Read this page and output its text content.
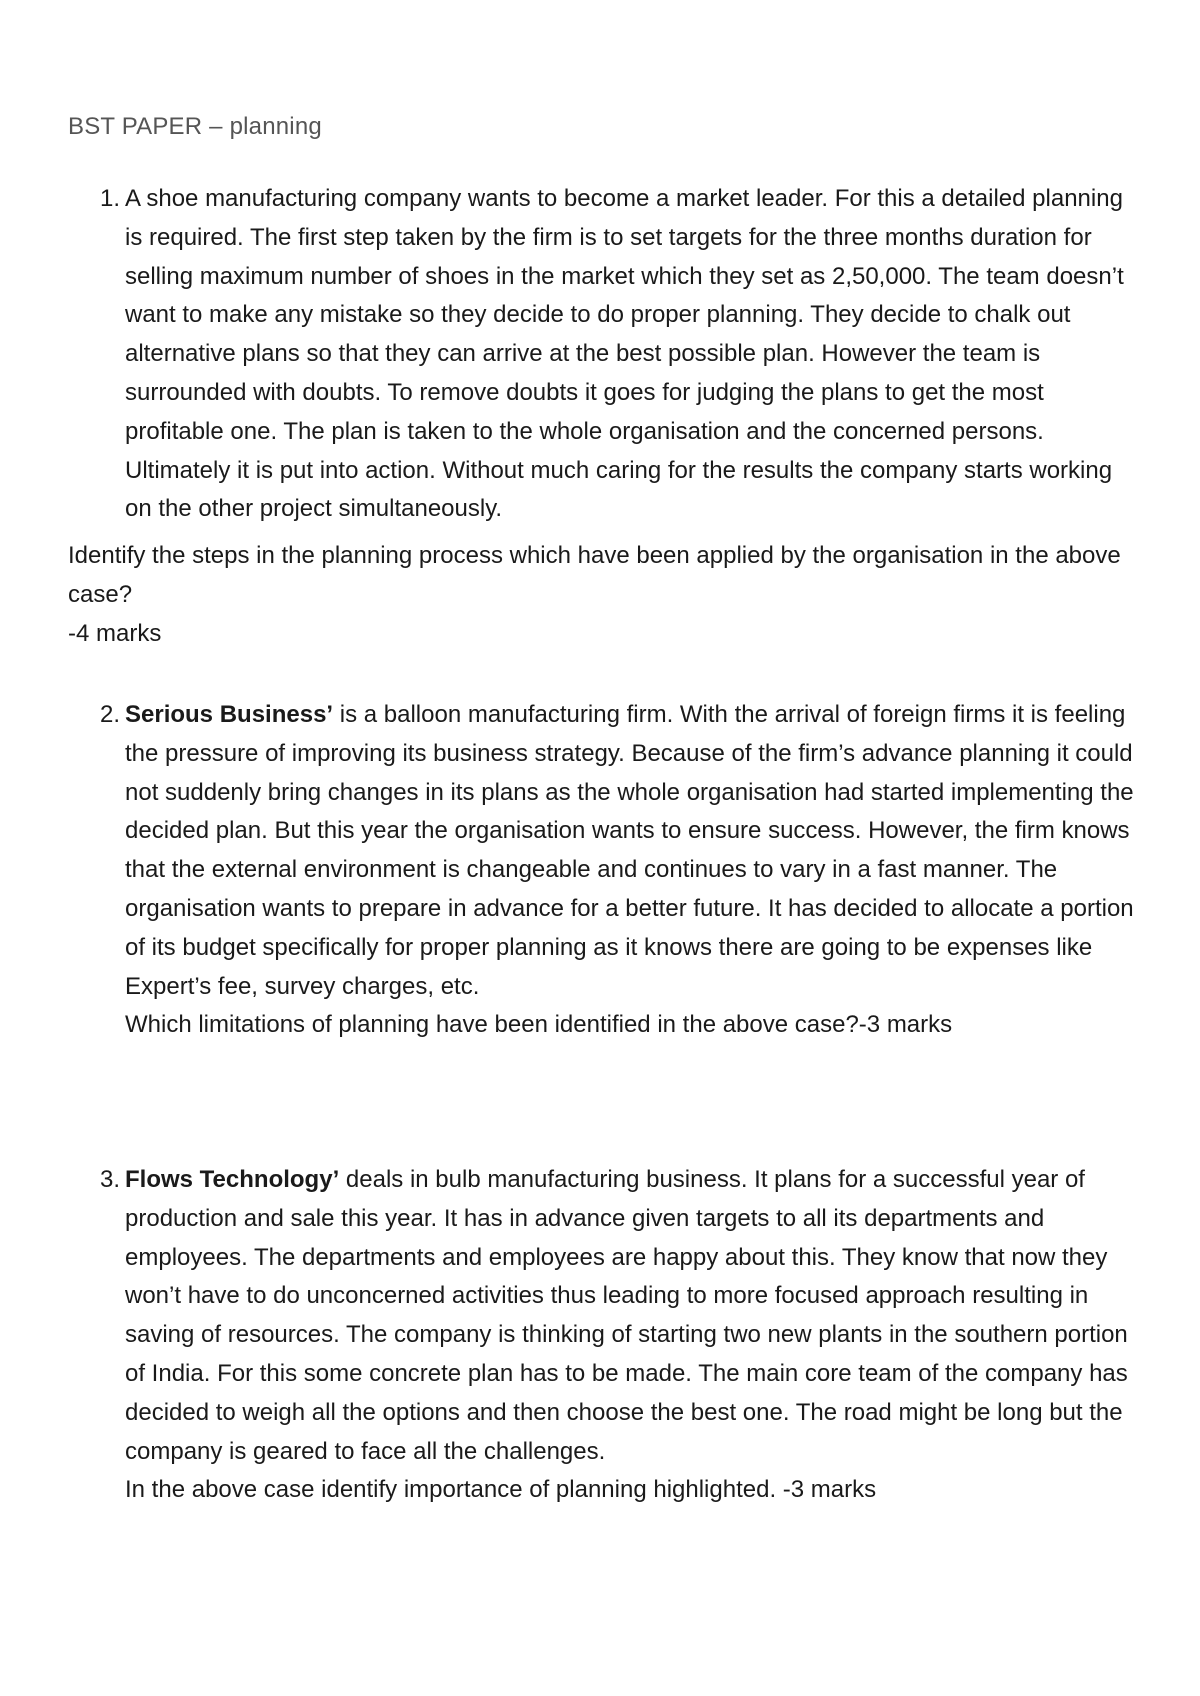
BST PAPER – planning
1. A shoe manufacturing company wants to become a market leader. For this a detailed planning is required. The first step taken by the firm is to set targets for the three months duration for selling maximum number of shoes in the market which they set as 2,50,000. The team doesn’t want to make any mistake so they decide to do proper planning. They decide to chalk out alternative plans so that they can arrive at the best possible plan. However the team is surrounded with doubts. To remove doubts it goes for judging the plans to get the most profitable one. The plan is taken to the whole organisation and the concerned persons. Ultimately it is put into action. Without much caring for the results the company starts working on the other project simultaneously.
Identify the steps in the planning process which have been applied by the organisation in the above case?
-4 marks
2. Serious Business’ is a balloon manufacturing firm. With the arrival of foreign firms it is feeling the pressure of improving its business strategy. Because of the firm’s advance planning it could not suddenly bring changes in its plans as the whole organisation had started implementing the decided plan. But this year the organisation wants to ensure success. However, the firm knows that the external environment is changeable and continues to vary in a fast manner. The organisation wants to prepare in advance for a better future. It has decided to allocate a portion of its budget specifically for proper planning as it knows there are going to be expenses like Expert’s fee, survey charges, etc.
Which limitations of planning have been identified in the above case?-3 marks
3. Flows Technology’ deals in bulb manufacturing business. It plans for a successful year of production and sale this year. It has in advance given targets to all its departments and employees. The departments and employees are happy about this. They know that now they won’t have to do unconcerned activities thus leading to more focused approach resulting in saving of resources. The company is thinking of starting two new plants in the southern portion of India. For this some concrete plan has to be made. The main core team of the company has decided to weigh all the options and then choose the best one. The road might be long but the company is geared to face all the challenges.
In the above case identify importance of planning highlighted. -3 marks
